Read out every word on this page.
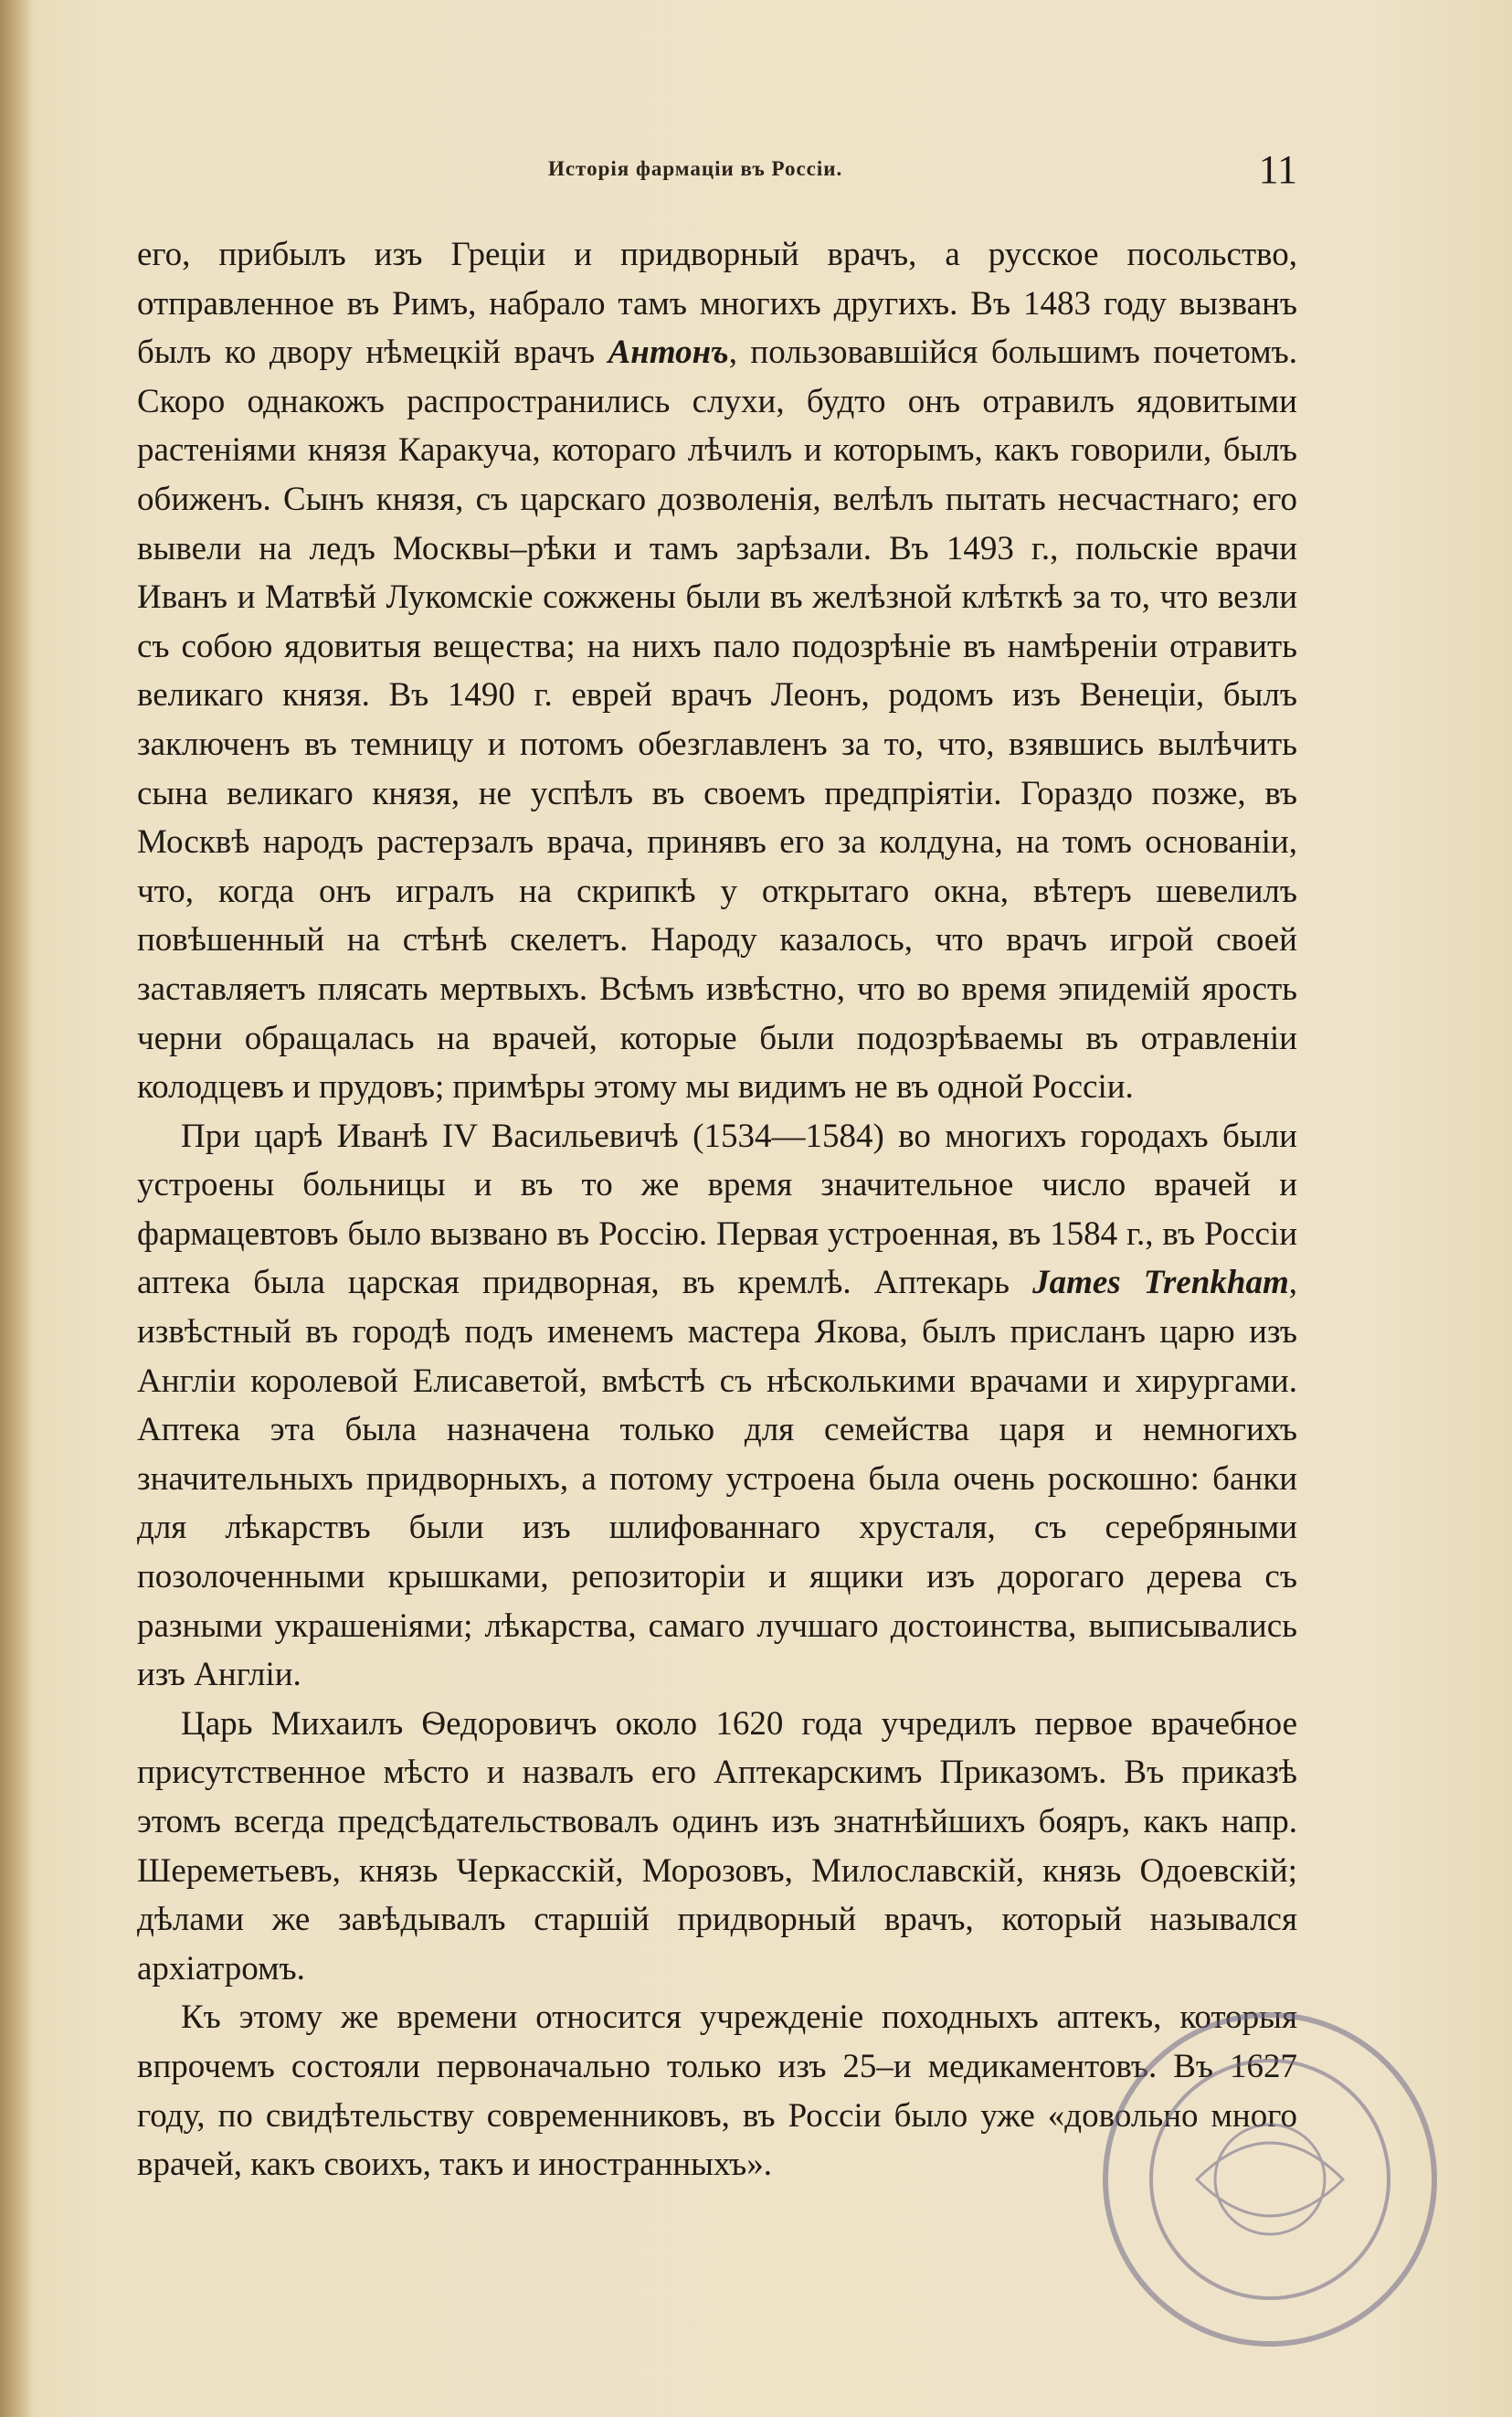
Исторія фармаціи въ Россіи.	11

его, прибылъ изъ Греціи и придворный врачъ, а русское посольство, отправленное въ Римъ, набрало тамъ многихъ другихъ. Въ 1483 году вызванъ былъ ко двору нѣмецкій врачъ Антонъ, пользовавшійся большимъ почетомъ. Скоро однакожъ распространились слухи, будто онъ отравилъ ядовитыми растеніями князя Каракуча, котораго лѣчилъ и которымъ, какъ говорили, былъ обиженъ. Сынъ князя, съ царскаго дозволенія, велѣлъ пытать несчастнаго; его вывели на ледъ Москвы–рѣки и тамъ зарѣзали. Въ 1493 г., польскіе врачи Иванъ и Матвѣй Лукомскіе сожжены были въ желѣзной клѣткѣ за то, что везли съ собою ядовитыя вещества; на нихъ пало подозрѣніе въ намѣреніи отравить великаго князя. Въ 1490 г. еврей врачъ Леонъ, родомъ изъ Венеціи, былъ заключенъ въ темницу и потомъ обезглавленъ за то, что, взявшись вылѣчить сына великаго князя, не успѣлъ въ своемъ предпріятіи. Гораздо позже, въ Москвѣ народъ растерзалъ врача, принявъ его за колдуна, на томъ основаніи, что, когда онъ игралъ на скрипкѣ у открытаго окна, вѣтеръ шевелилъ повѣшенный на стѣнѣ скелетъ. Народу казалось, что врачъ игрой своей заставляетъ плясать мертвыхъ. Всѣмъ извѣстно, что во время эпидемій ярость черни обращалась на врачей, которые были подозрѣваемы въ отравленіи колодцевъ и прудовъ; примѣры этому мы видимъ не въ одной Россіи.

При царѣ Иванѣ IV Васильевичѣ (1534—1584) во многихъ городахъ были устроены больницы и въ то же время значительное число врачей и фармацевтовъ было вызвано въ Россію. Первая устроенная, въ 1584 г., въ Россіи аптека была царская придворная, въ кремлѣ. Аптекарь James Trenkham, извѣстный въ городѣ подъ именемъ мастера Якова, былъ присланъ царю изъ Англіи королевой Елисаветой, вмѣстѣ съ нѣсколькими врачами и хирургами. Аптека эта была назначена только для семейства царя и немногихъ значительныхъ придворныхъ, а потому устроена была очень роскошно: банки для лѣкарствъ были изъ шлифованнаго хрусталя, съ серебряными позолоченными крышками, репозиторіи и ящики изъ дорогаго дерева съ разными украшеніями; лѣкарства, самаго лучшаго достоинства, выписывались изъ Англіи.

Царь Михаилъ Ѳедоровичъ около 1620 года учредилъ первое врачебное присутственное мѣсто и назвалъ его Аптекарскимъ Приказомъ. Въ приказѣ этомъ всегда предсѣдательствовалъ одинъ изъ знатнѣйшихъ бояръ, какъ напр. Шереметьевъ, князь Черкасскій, Морозовъ, Милославскій, князь Одоевскій; дѣлами же завѣдывалъ старшій придворный врачъ, который назывался архіатромъ.

Къ этому же времени относится учрежденіе походныхъ аптекъ, которыя впрочемъ состояли первоначально только изъ 25–и медикаментовъ. Въ 1627 году, по свидѣтельству современниковъ, въ Россіи было уже «довольно много врачей, какъ своихъ, такъ и иностранныхъ».
